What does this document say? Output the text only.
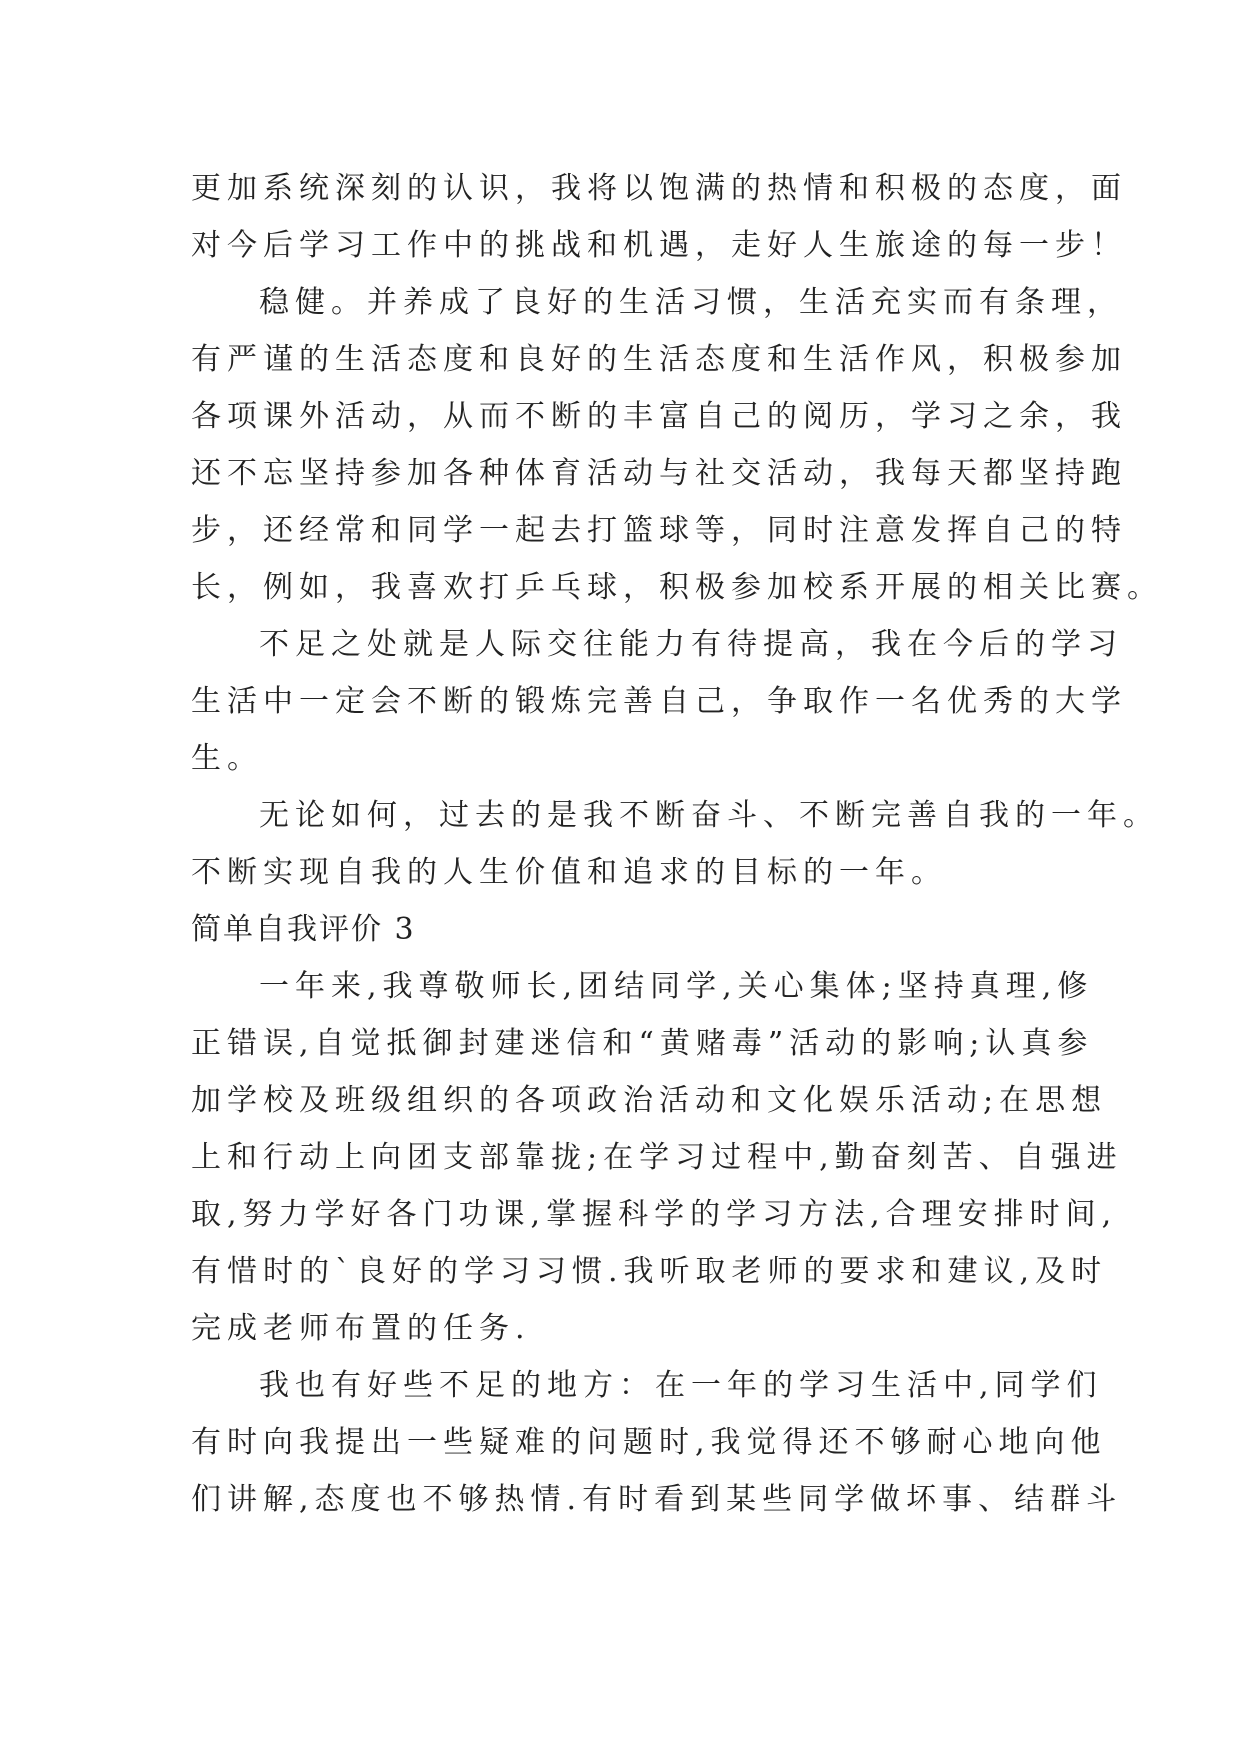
更加系统深刻的认识，我将以饱满的热情和积极的态度，面
对今后学习工作中的挑战和机遇，走好人生旅途的每一步！
稳健。并养成了良好的生活习惯，生活充实而有条理，
有严谨的生活态度和良好的生活态度和生活作风，积极参加
各项课外活动，从而不断的丰富自己的阅历，学习之余，我
还不忘坚持参加各种体育活动与社交活动，我每天都坚持跑
步，还经常和同学一起去打篮球等，同时注意发挥自己的特
长，例如，我喜欢打乒乓球，积极参加校系开展的相关比赛。
不足之处就是人际交往能力有待提高，我在今后的学习
生活中一定会不断的锻炼完善自己，争取作一名优秀的大学
生。
无论如何，过去的是我不断奋斗、不断完善自我的一年。
不断实现自我的人生价值和追求的目标的一年。
简单自我评价 3
一年来,我尊敬师长,团结同学,关心集体;坚持真理,修
正错误,自觉抵御封建迷信和“黄赌毒”活动的影响;认真参
加学校及班级组织的各项政治活动和文化娱乐活动;在思想
上和行动上向团支部靠拢;在学习过程中,勤奋刻苦、自强进
取,努力学好各门功课,掌握科学的学习方法,合理安排时间,
有惜时的`良好的学习习惯.我听取老师的要求和建议,及时
完成老师布置的任务.
我也有好些不足的地方：在一年的学习生活中,同学们
有时向我提出一些疑难的问题时,我觉得还不够耐心地向他
们讲解,态度也不够热情.有时看到某些同学做坏事、结群斗
